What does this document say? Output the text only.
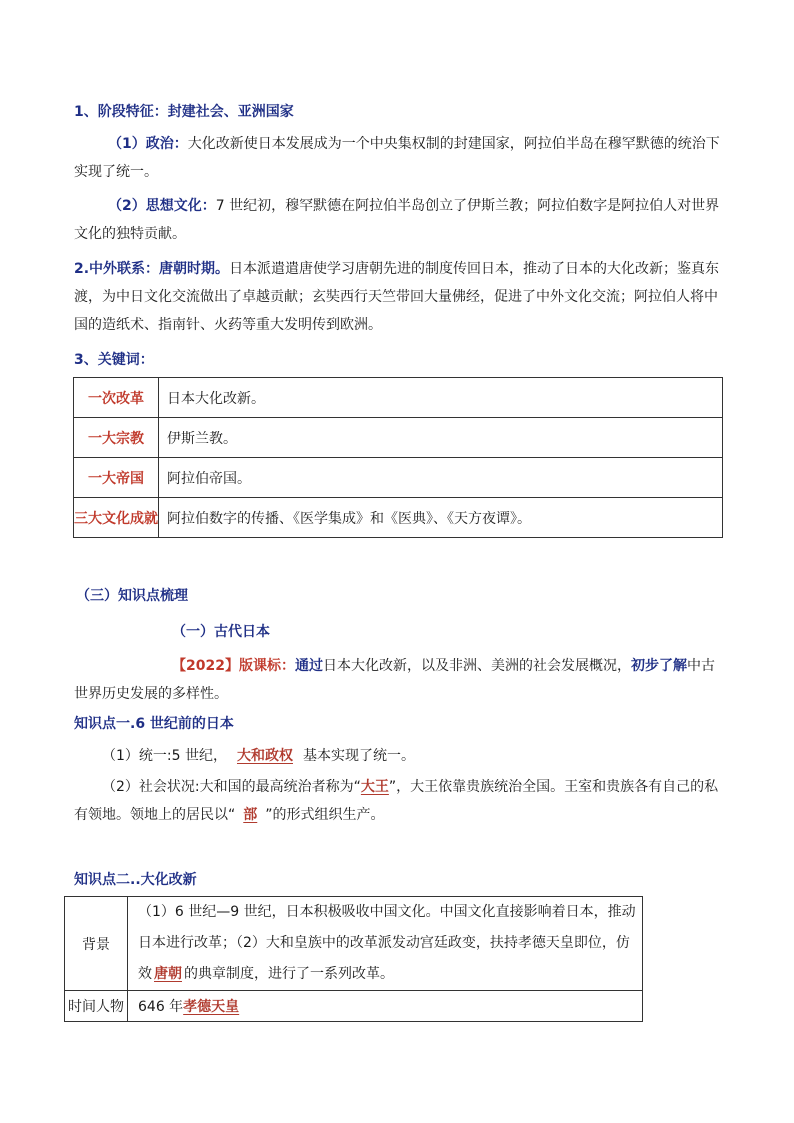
1、阶段特征：封建社会、亚洲国家

（1）政治：大化改新使日本发展成为一个中央集权制的封建国家，阿拉伯半岛在穆罕默德的统治下实现了统一。

（2）思想文化：7 世纪初，穆罕默德在阿拉伯半岛创立了伊斯兰教；阿拉伯数字是阿拉伯人对世界文化的独特贡献。

2.中外联系：唐朝时期。日本派遣遣唐使学习唐朝先进的制度传回日本，推动了日本的大化改新；鉴真东渡，为中日文化交流做出了卓越贡献；玄奘西行天竺带回大量佛经，促进了中外文化交流；阿拉伯人将中国的造纸术、指南针、火药等重大发明传到欧洲。

3、关键词：

一次改革	日本大化改新。
一大宗教	伊斯兰教。
一大帝国	阿拉伯帝国。
三大文化成就	阿拉伯数字的传播、《医学集成》和《医典》、《天方夜谭》。

（三）知识点梳理

（一）古代日本

【2022】版课标：通过日本大化改新，以及非洲、美洲的社会发展概况，初步了解中古世界历史发展的多样性。

知识点一.6 世纪前的日本

（1）统一:5 世纪， 大和政权 基本实现了统一。

（2）社会状况:大和国的最高统治者称为“大王”，大王依靠贵族统治全国。王室和贵族各有自己的私有领地。领地上的居民以“ 部 ”的形式组织生产。

知识点二..大化改新

背景	（1）6 世纪—9 世纪，日本积极吸收中国文化。中国文化直接影响着日本，推动日本进行改革；（2）大和皇族中的改革派发动宫廷政变，扶持孝德天皇即位，仿效 唐朝 的典章制度，进行了一系列改革。
时间人物	646 年孝德天皇
